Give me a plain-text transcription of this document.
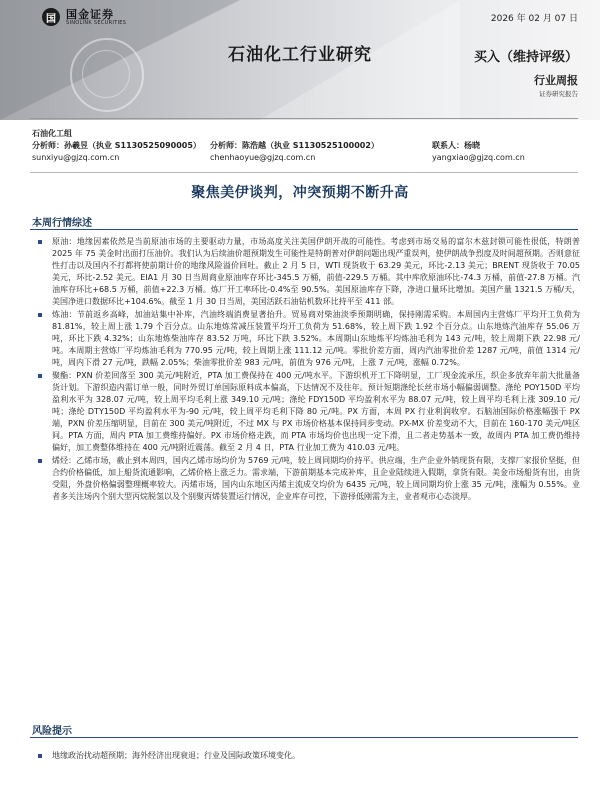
国 国金证券
SINOLINK SECURITIES	2026 年 02 月 07 日
石油化工行业研究	买入（维持评级）
行业周报
证券研究报告
石油化工组
分析师：孙羲昱（执业 S1130525090005）	分析师：陈浩越（执业 S1130525100002）	联系人：杨晓
sunxiyu@gjzq.com.cn	chenhaoyue@gjzq.com.cn	yangxiao@gjzq.com.cn
聚焦美伊谈判，冲突预期不断升高
本周行情综述
原油：地缘因素依然是当前原油市场的主要驱动力量，市场高度关注美国伊朗开战的可能性。考虑到市场交易的富尔木兹封锁可能性很低，特朗普 2025 年 75 美金时出面打压油价。我们认为后续油价超预期发生可能性是特朗普对伊朗问题出现严重误判，使伊朗战争烈度及时间超预期。否则意征性打击以及国内不打都将使前期计价的地缘风险溢价回吐。截止 2 月 5 日，WTI 现货收于 63.29 美元，环比-2.13 美元；BRENT 现货收于 70.05 美元，环比-2.52 美元。EIA1 月 30 日当周商业原油库存环比-345.5 万桶，前值-229.5 万桶。其中库欣原油环比-74.3 万桶，前值-27.8 万桶。汽油库存环比+68.5 万桶，前值+22.3 万桶。炼厂开工率环比-0.4%至 90.5%。美国原油库存下降，净进口量环比增加。美国产量 1321.5 万桶/天，美国净进口数据环比+104.6%。截至 1 月 30 日当周，美国活跃石油钻机数环比持平至 411 部。
炼油：节前返乡高峰，加油站集中补库，汽油终端消费显著抬升。贸易商对柴油淡季预期明确，保持刚需采购。本周国内主营炼厂平均开工负荷为 81.81%，较上周上涨 1.79 个百分点。山东地炼常减压装置平均开工负荷为 51.68%，较上周下跌 1.92 个百分点。山东地炼汽油库存 55.06 万吨，环比下跌 4.32%；山东地炼柴油库存 83.52 万吨，环比下跌 3.52%。本周期山东地炼平均炼油毛利为 143 元/吨，较上周期下跌 22.98 元/吨。本周期主营炼厂平均炼油毛利为 770.95 元/吨，较上周期上涨 111.12 元/吨。零批价差方面，周内汽油零批价差 1287 元/吨，前值 1314 元/吨，周内下滑 27 元/吨，跌幅 2.05%；柴油零批价差 983 元/吨，前值为 976 元/吨，上涨 7 元/吨，涨幅 0.72%。
聚酯：PXN 价差回落至 300 美元/吨附近，PTA 加工费保持在 400 元/吨水平。下游织机开工下降明显，工厂现金流承压，织企多放弃年前大批量备货计划。下游织造内需订单一般，同时外贸订单国际原料成本偏高，下达情况不及往年。预计短期涤纶长丝市场小幅偏弱调整。涤纶 POY150D 平均盈利水平为 328.07 元/吨，较上周平均毛利上涨 349.10 元/吨；涤纶 FDY150D 平均盈利水平为 88.07 元/吨，较上周平均毛利上涨 309.10 元/吨；涤纶 DTY150D 平均盈利水平为-90 元/吨，较上周平均毛利下降 80 元/吨。PX 方面，本周 PX 行业利润收窄。石脑油国际价格涨幅强于 PX 端，PXN 价差压缩明显，目前在 300 美元/吨附近，不过 MX 与 PX 市场价格基本保持同步变动。PX-MX 价差变动不大，目前在 160-170 美元/吨区间。PTA 方面，周内 PTA 加工费维持偏好。PX 市场价格走跌，而 PTA 市场均价也出现一定下滑，且二者走势基本一致，故周内 PTA 加工费仍维持偏好，加工费整体维持在 400 元/吨附近震荡。截至 2 月 4 日，PTA 行业加工费为 410.03 元/吨。
烯烃：乙烯市场，截止到本周四，国内乙烯市场均价为 5769 元/吨，较上周同期均价持平。供应端，生产企业外销现货有限，支撑厂家报价坚挺，但合约价格偏低，加上船货流通影响，乙烯价格上涨乏力。需求端，下游前期基本完成补库，且企业陆续进入假期，拿货有限。美金市场船货有出，由货受阻，外盘价格偏弱整理概率较大。丙烯市场，国内山东地区丙烯主流成交均价为 6435 元/吨，较上周同期均价上涨 35 元/吨，涨幅为 0.55%。业者多关注场内个别大型丙烷脱氢以及个别聚丙烯装置运行情况，企业库存可控，下游择低刚需为主，业者观市心态淡厚。
风险提示
地缘政治扰动超预期；海外经济出现衰退；行业及国际政策环境变化。
